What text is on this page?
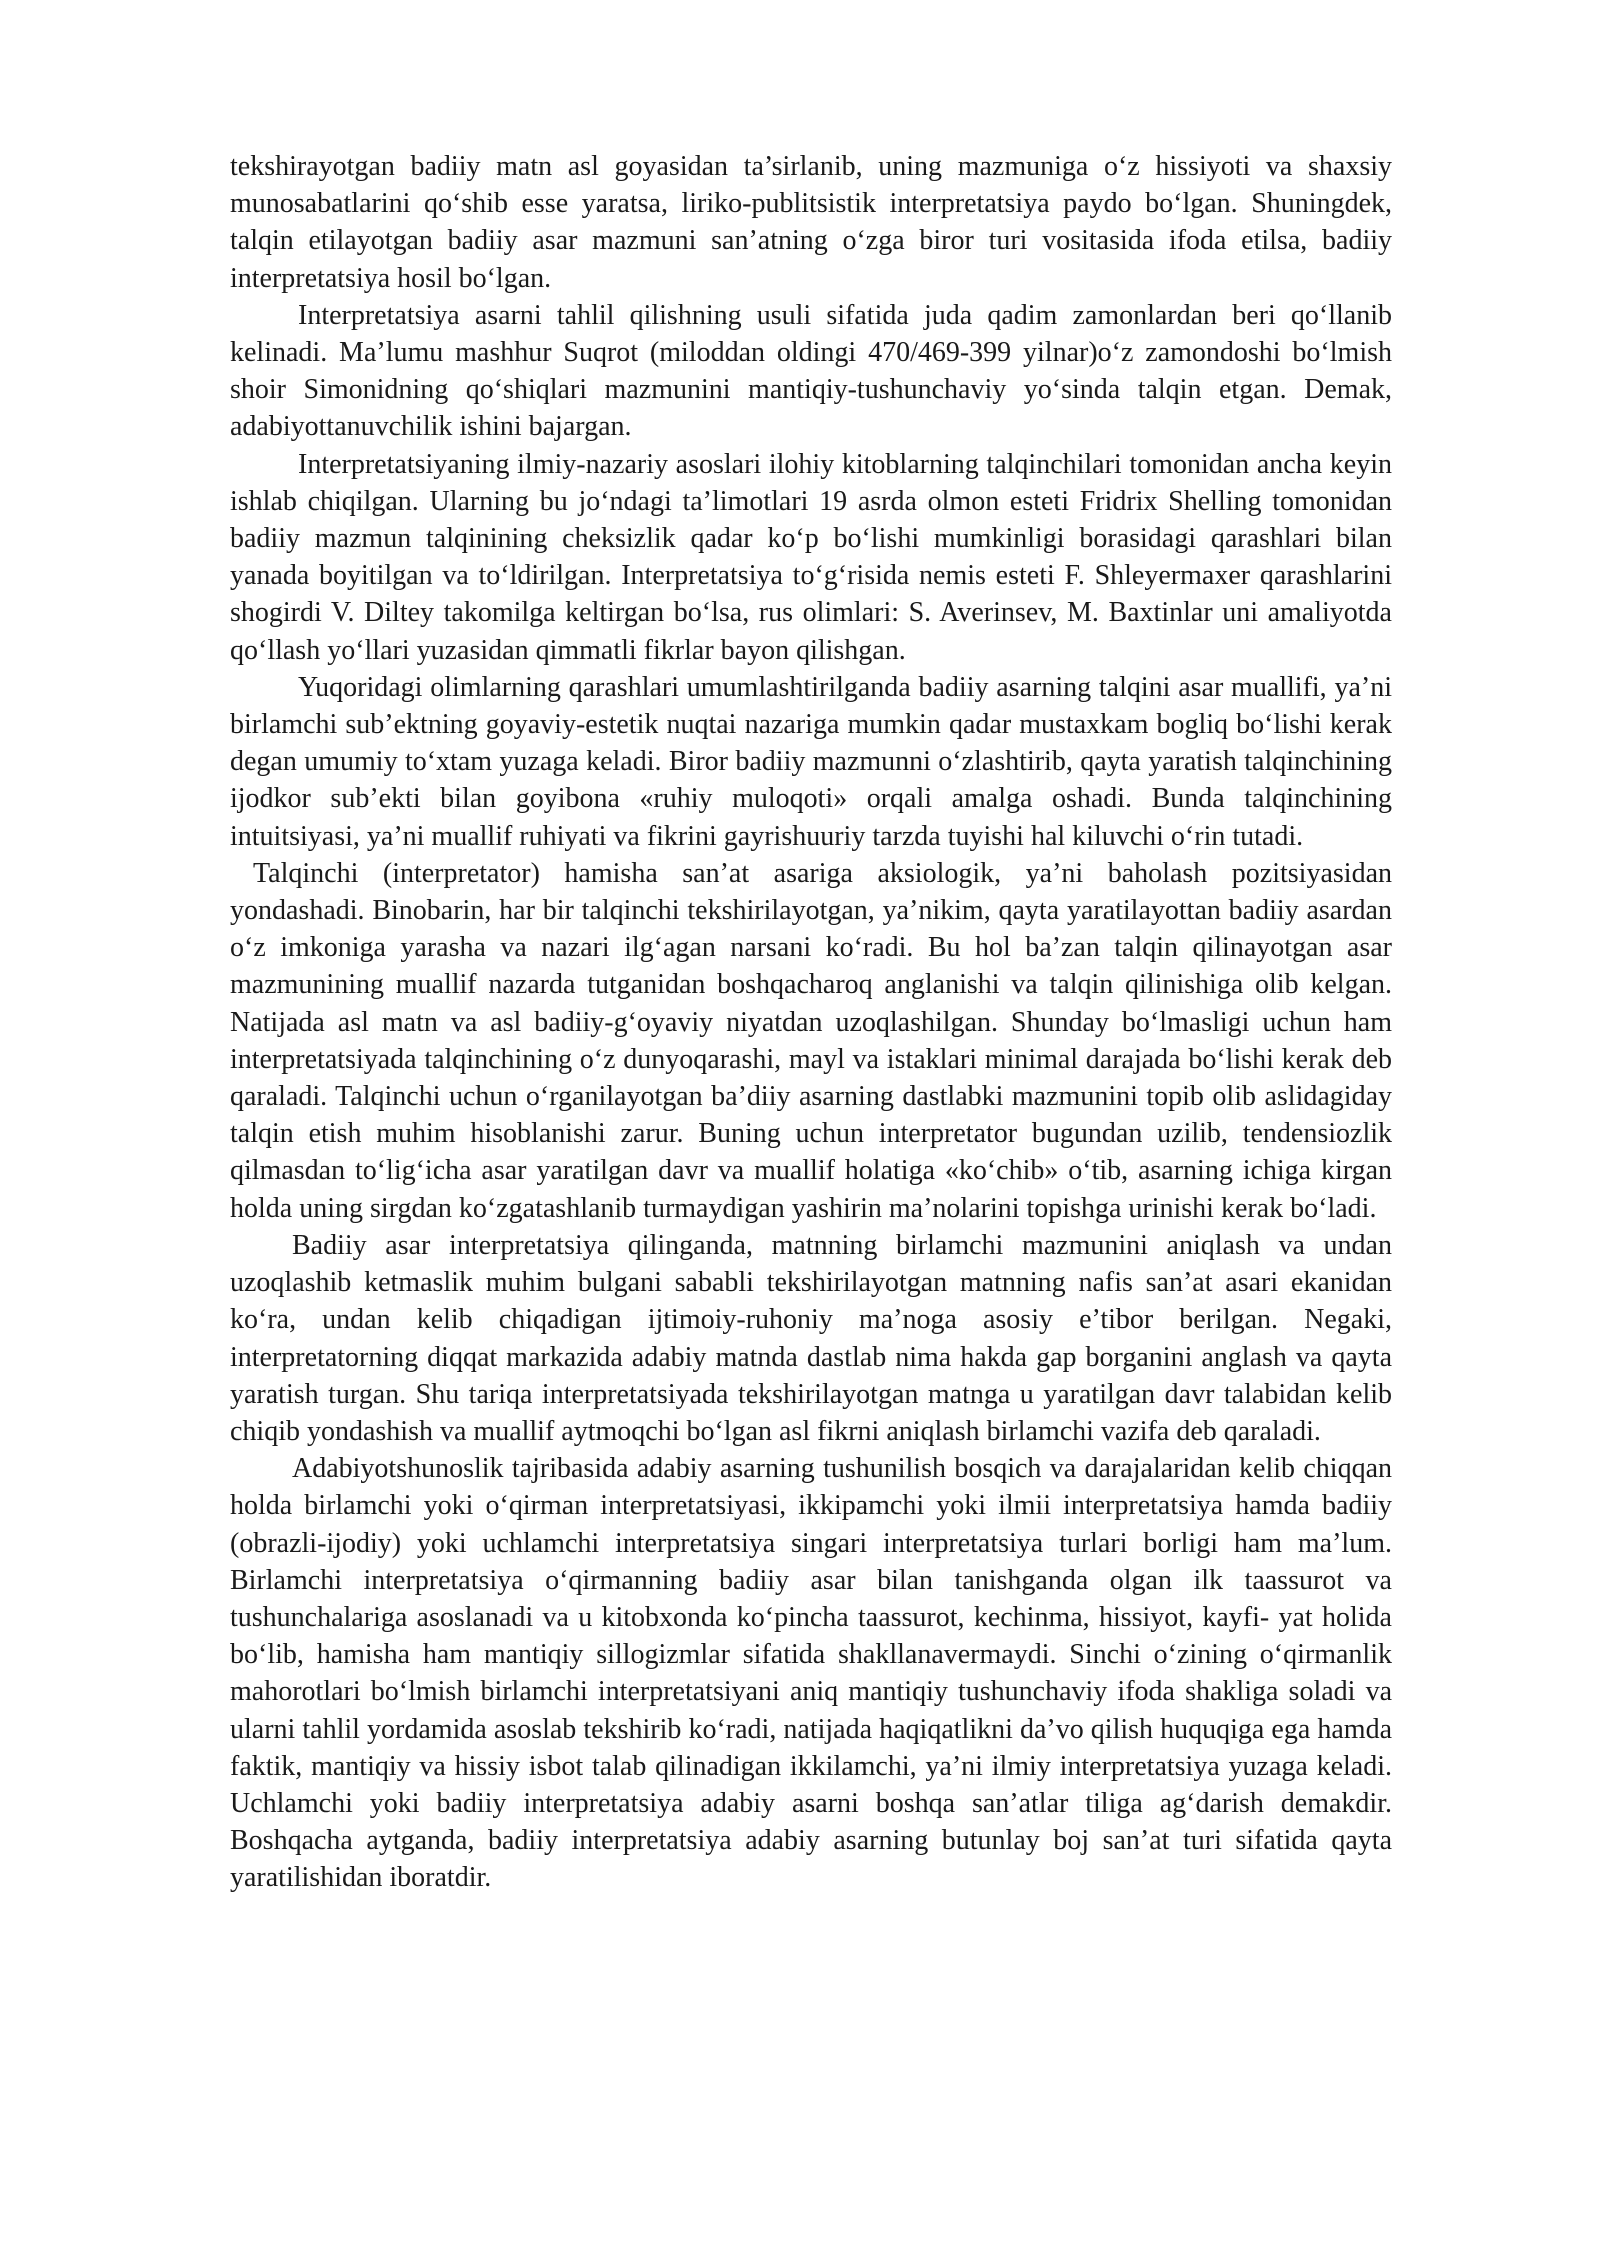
tekshirayotgan badiiy matn asl goyasidan ta’sirlanib, uning mazmuniga o‘z hissiyoti va shaxsiy munosabatlarini qo‘shib esse yaratsa, liriko-publitsistik interpretatsiya paydo bo‘lgan. Shuningdek, talqin etilayotgan badiiy asar mazmuni san’atning o‘zga biror turi vositasida ifoda etilsa, badiiy interpretatsiya hosil bo‘lgan.

Interpretatsiya asarni tahlil qilishning usuli sifatida juda qadim zamonlardan beri qo‘llanib kelinadi. Ma’lumu mashhur Suqrot (miloddan oldingi 470/469-399 yilnar)o‘z zamondoshi bo‘lmish shoir Simonidning qo‘shiqlari mazmunini mantiqiy-tushunchaviy yo‘sinda talqin etgan. Demak, adabiyottanuvchilik ishini bajargan.

Interpretatsiyaning ilmiy-nazariy asoslari ilohiy kitoblarning talqinchilari tomonidan ancha keyin ishlab chiqilgan. Ularning bu jo‘ndagi ta’limotlari 19 asrda olmon esteti Fridrix Shelling tomonidan badiiy mazmun talqinining cheksizlik qadar ko‘p bo‘lishi mumkinligi borasidagi qarashlari bilan yanada boyitilgan va to‘ldirilgan. Interpretatsiya to‘g‘risida nemis esteti F. Shleyermaxer qarashlarini shogirdi V. Diltey takomilga keltirgan bo‘lsa, rus olimlari: S. Averinsev, M. Baxtinlar uni amaliyotda qo‘llash yo‘llari yuzasidan qimmatli fikrlar bayon qilishgan.

Yuqoridagi olimlarning qarashlari umumlashtirilganda badiiy asarning talqini asar muallifi, ya’ni birlamchi sub’ektning goyaviy-estetik nuqtai nazariga mumkin qadar mustaxkam bogliq bo‘lishi kerak degan umumiy to‘xtam yuzaga keladi. Biror badiiy mazmunni o‘zlashtirib, qayta yaratish talqinchining ijodkor sub’ekti bilan goyibona «ruhiy muloqoti» orqali amalga oshadi. Bunda talqinchining intuitsiyasi, ya’ni muallif ruhiyati va fikrini gayrishuuriy tarzda tuyishi hal kiluvchi o‘rin tutadi.

Talqinchi (interpretator) hamisha san’at asariga aksiologik, ya’ni baholash pozitsiyasidan yondashadi. Binobarin, har bir talqinchi tekshirilayotgan, ya’nikim, qayta yaratilayottan badiiy asardan o‘z imkoniga yarasha va nazari ilg‘agan narsani ko‘radi. Bu hol ba’zan talqin qilinayotgan asar mazmunining muallif nazarda tutganidan boshqacharoq anglanishi va talqin qilinishiga olib kelgan. Natijada asl matn va asl badiiy-g‘oyaviy niyatdan uzoqlashilgan. Shunday bo‘lmasligi uchun ham interpretatsiyada talqinchining o‘z dunyoqarashi, mayl va istaklari minimal darajada bo‘lishi kerak deb qaraladi. Talqinchi uchun o‘rganilayotgan ba’diiy asarning dastlabki mazmunini topib olib aslidagiday talqin etish muhim hisoblanishi zarur. Buning uchun interpretator bugundan uzilib, tendensiozlik qilmasdan to‘lig‘icha asar yaratilgan davr va muallif holatiga «ko‘chib» o‘tib, asarning ichiga kirgan holda uning sirgdan ko‘zgatashlanib turmaydigan yashirin ma’nolarini topishga urinishi kerak bo‘ladi.

Badiiy asar interpretatsiya qilinganda, matnning birlamchi mazmunini aniqlash va undan uzoqlashib ketmaslik muhim bulgani sababli tekshirilayotgan matnning nafis san’at asari ekanidan ko‘ra, undan kelib chiqadigan ijtimoiy-ruhoniy ma’noga asosiy e’tibor berilgan. Negaki, interpretatorning diqqat markazida adabiy matnda dastlab nima hakda gap borganini anglash va qayta yaratish turgan. Shu tariqa interpretatsiyada tekshirilayotgan matnga u yaratilgan davr talabidan kelib chiqib yondashish va muallif aytmoqchi bo‘lgan asl fikrni aniqlash birlamchi vazifa deb qaraladi.

Adabiyotshunoslik tajribasida adabiy asarning tushunilish bosqich va darajalaridan kelib chiqqan holda birlamchi yoki o‘qirman interpretatsiyasi, ikkipamchi yoki ilmii interpretatsiya hamda badiiy (obrazli-ijodiy) yoki uchlamchi interpretatsiya singari interpretatsiya turlari borligi ham ma’lum. Birlamchi interpretatsiya o‘qirmanning badiiy asar bilan tanishganda olgan ilk taassurot va tushunchalariga asoslanadi va u kitobxonda ko‘pincha taassurot, kechinma, hissiyot, kayfi- yat holida bo‘lib, hamisha ham mantiqiy sillogizmlar sifatida shakllanavermaydi. Sinchi o‘zining o‘qirmanlik mahorotlari bo‘lmish birlamchi interpretatsiyani aniq mantiqiy tushunchaviy ifoda shakliga soladi va ularni tahlil yordamida asoslab tekshirib ko‘radi, natijada haqiqatlikni da’vo qilish huquqiga ega hamda faktik, mantiqiy va hissiy isbot talab qilinadigan ikkilamchi, ya’ni ilmiy interpretatsiya yuzaga keladi. Uchlamchi yoki badiiy interpretatsiya adabiy asarni boshqa san’atlar tiliga ag‘darish demakdir. Boshqacha aytganda, badiiy interpretatsiya adabiy asarning butunlay boj san’at turi sifatida qayta yaratilishidan iboratdir.
